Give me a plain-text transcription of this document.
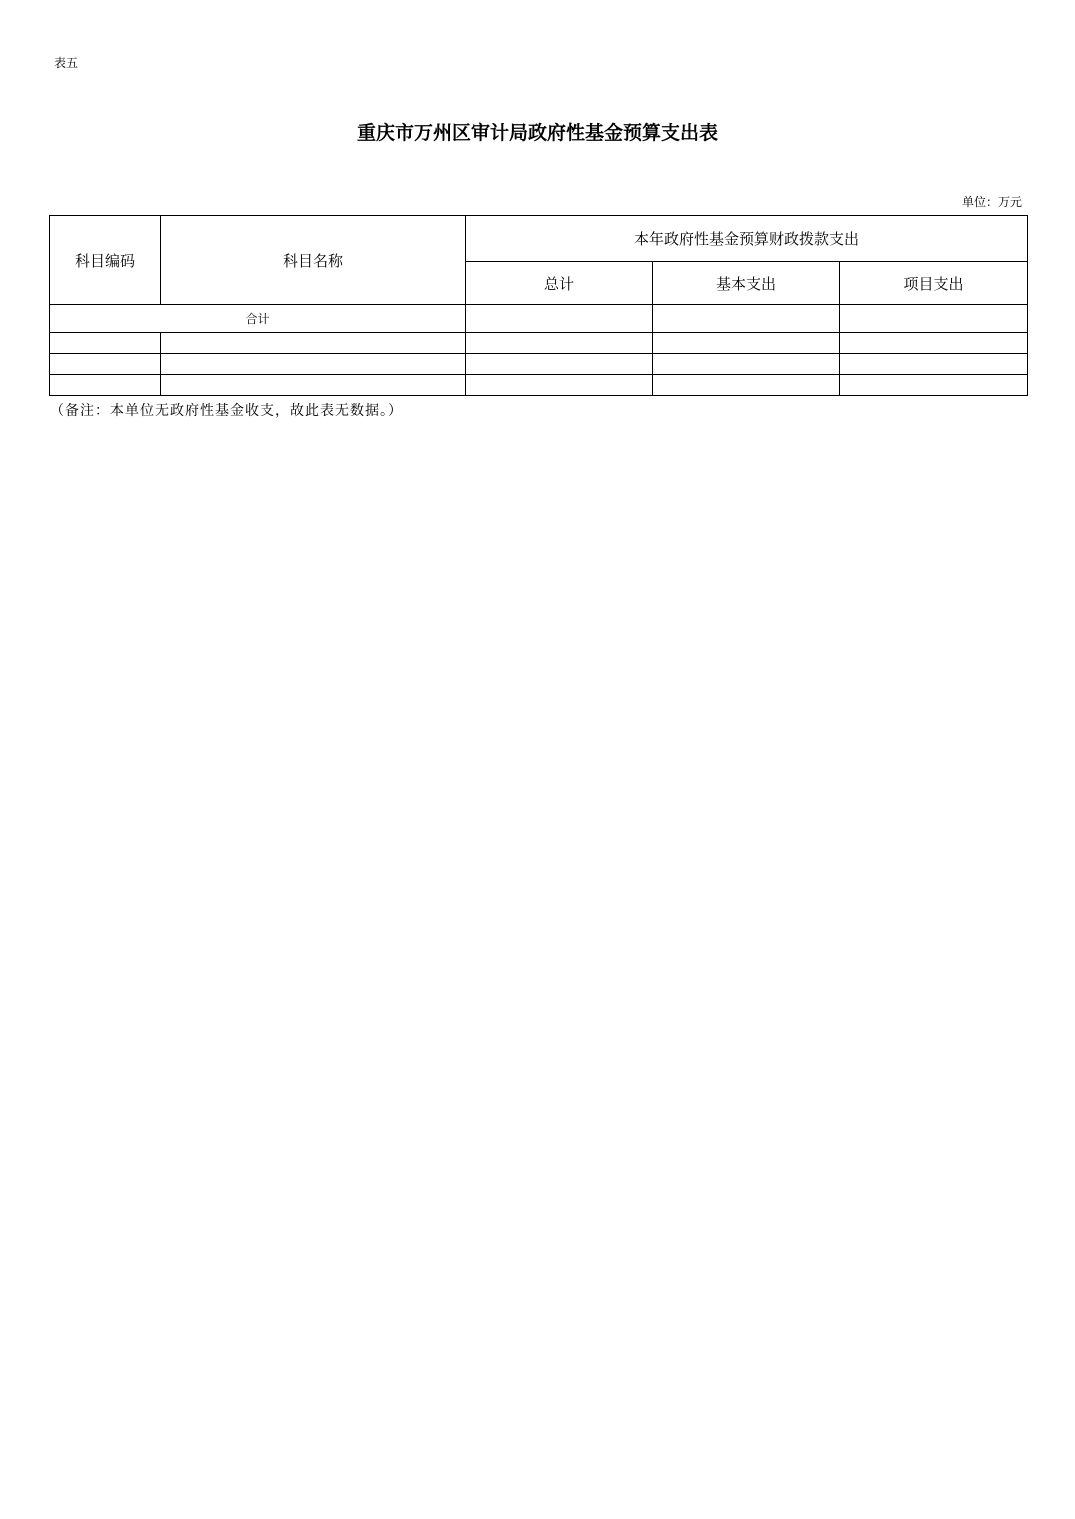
表五
重庆市万州区审计局政府性基金预算支出表
单位：万元
科目编码	科目名称	本年政府性基金预算财政拨款支出		
		总计	基本支出	项目支出
合计				

（备注：本单位无政府性基金收支，故此表无数据。）
